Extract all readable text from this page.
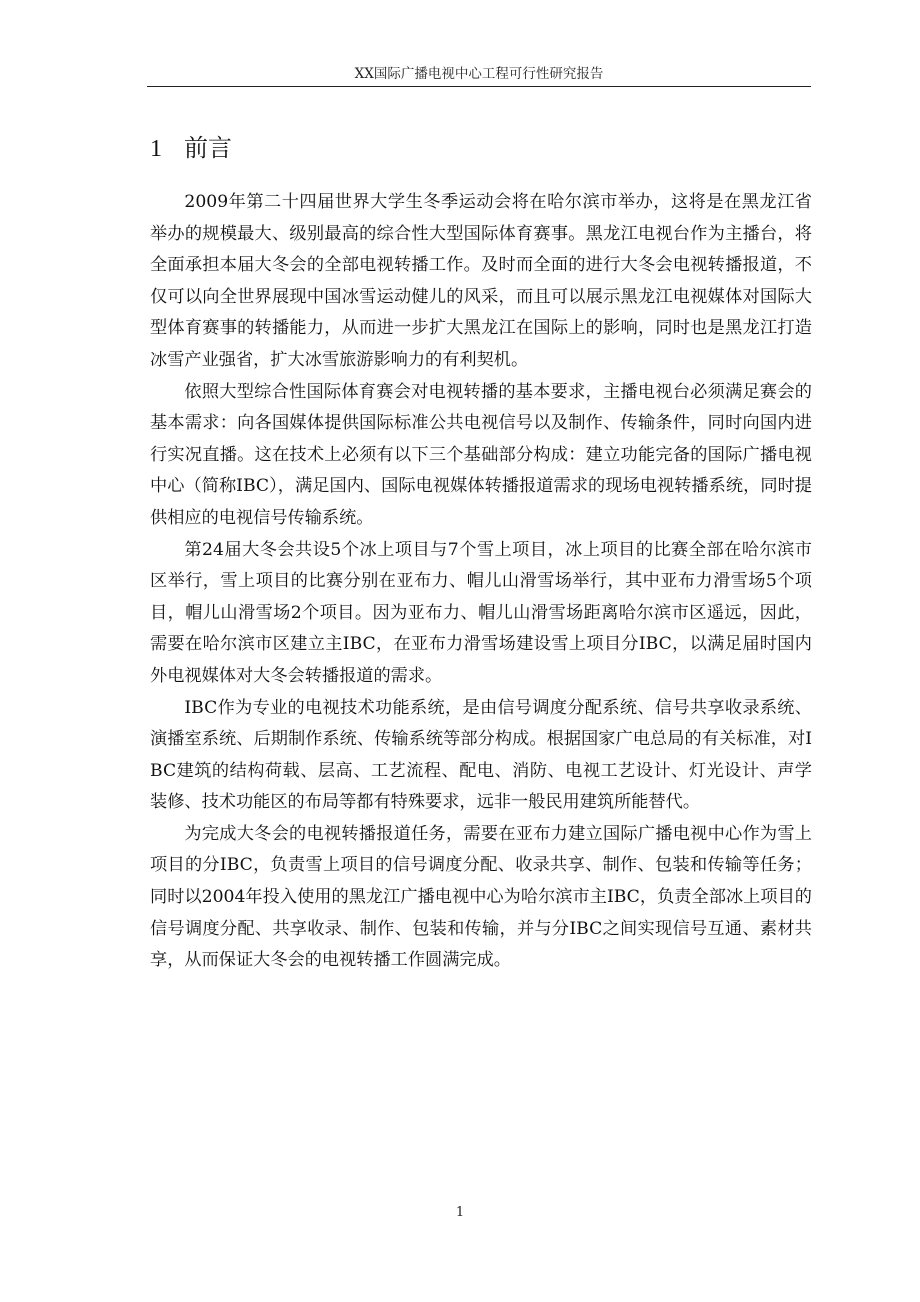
XX国际广播电视中心工程可行性研究报告
1 前言

2009年第二十四届世界大学生冬季运动会将在哈尔滨市举办，这将是在黑龙江省举办的规模最大、级别最高的综合性大型国际体育赛事。黑龙江电视台作为主播台，将全面承担本届大冬会的全部电视转播工作。及时而全面的进行大冬会电视转播报道，不仅可以向全世界展现中国冰雪运动健儿的风采，而且可以展示黑龙江电视媒体对国际大型体育赛事的转播能力，从而进一步扩大黑龙江在国际上的影响，同时也是黑龙江打造冰雪产业强省，扩大冰雪旅游影响力的有利契机。

依照大型综合性国际体育赛会对电视转播的基本要求，主播电视台必须满足赛会的基本需求：向各国媒体提供国际标准公共电视信号以及制作、传输条件，同时向国内进行实况直播。这在技术上必须有以下三个基础部分构成：建立功能完备的国际广播电视中心（简称IBC），满足国内、国际电视媒体转播报道需求的现场电视转播系统，同时提供相应的电视信号传输系统。

第24届大冬会共设5个冰上项目与7个雪上项目，冰上项目的比赛全部在哈尔滨市区举行，雪上项目的比赛分别在亚布力、帽儿山滑雪场举行，其中亚布力滑雪场5个项目，帽儿山滑雪场2个项目。因为亚布力、帽儿山滑雪场距离哈尔滨市区遥远，因此，需要在哈尔滨市区建立主IBC，在亚布力滑雪场建设雪上项目分IBC，以满足届时国内外电视媒体对大冬会转播报道的需求。

IBC作为专业的电视技术功能系统，是由信号调度分配系统、信号共享收录系统、演播室系统、后期制作系统、传输系统等部分构成。根据国家广电总局的有关标准，对IBC建筑的结构荷载、层高、工艺流程、配电、消防、电视工艺设计、灯光设计、声学装修、技术功能区的布局等都有特殊要求，远非一般民用建筑所能替代。

为完成大冬会的电视转播报道任务，需要在亚布力建立国际广播电视中心作为雪上项目的分IBC，负责雪上项目的信号调度分配、收录共享、制作、包装和传输等任务；同时以2004年投入使用的黑龙江广播电视中心为哈尔滨市主IBC，负责全部冰上项目的信号调度分配、共享收录、制作、包装和传输，并与分IBC之间实现信号互通、素材共享，从而保证大冬会的电视转播工作圆满完成。

1
